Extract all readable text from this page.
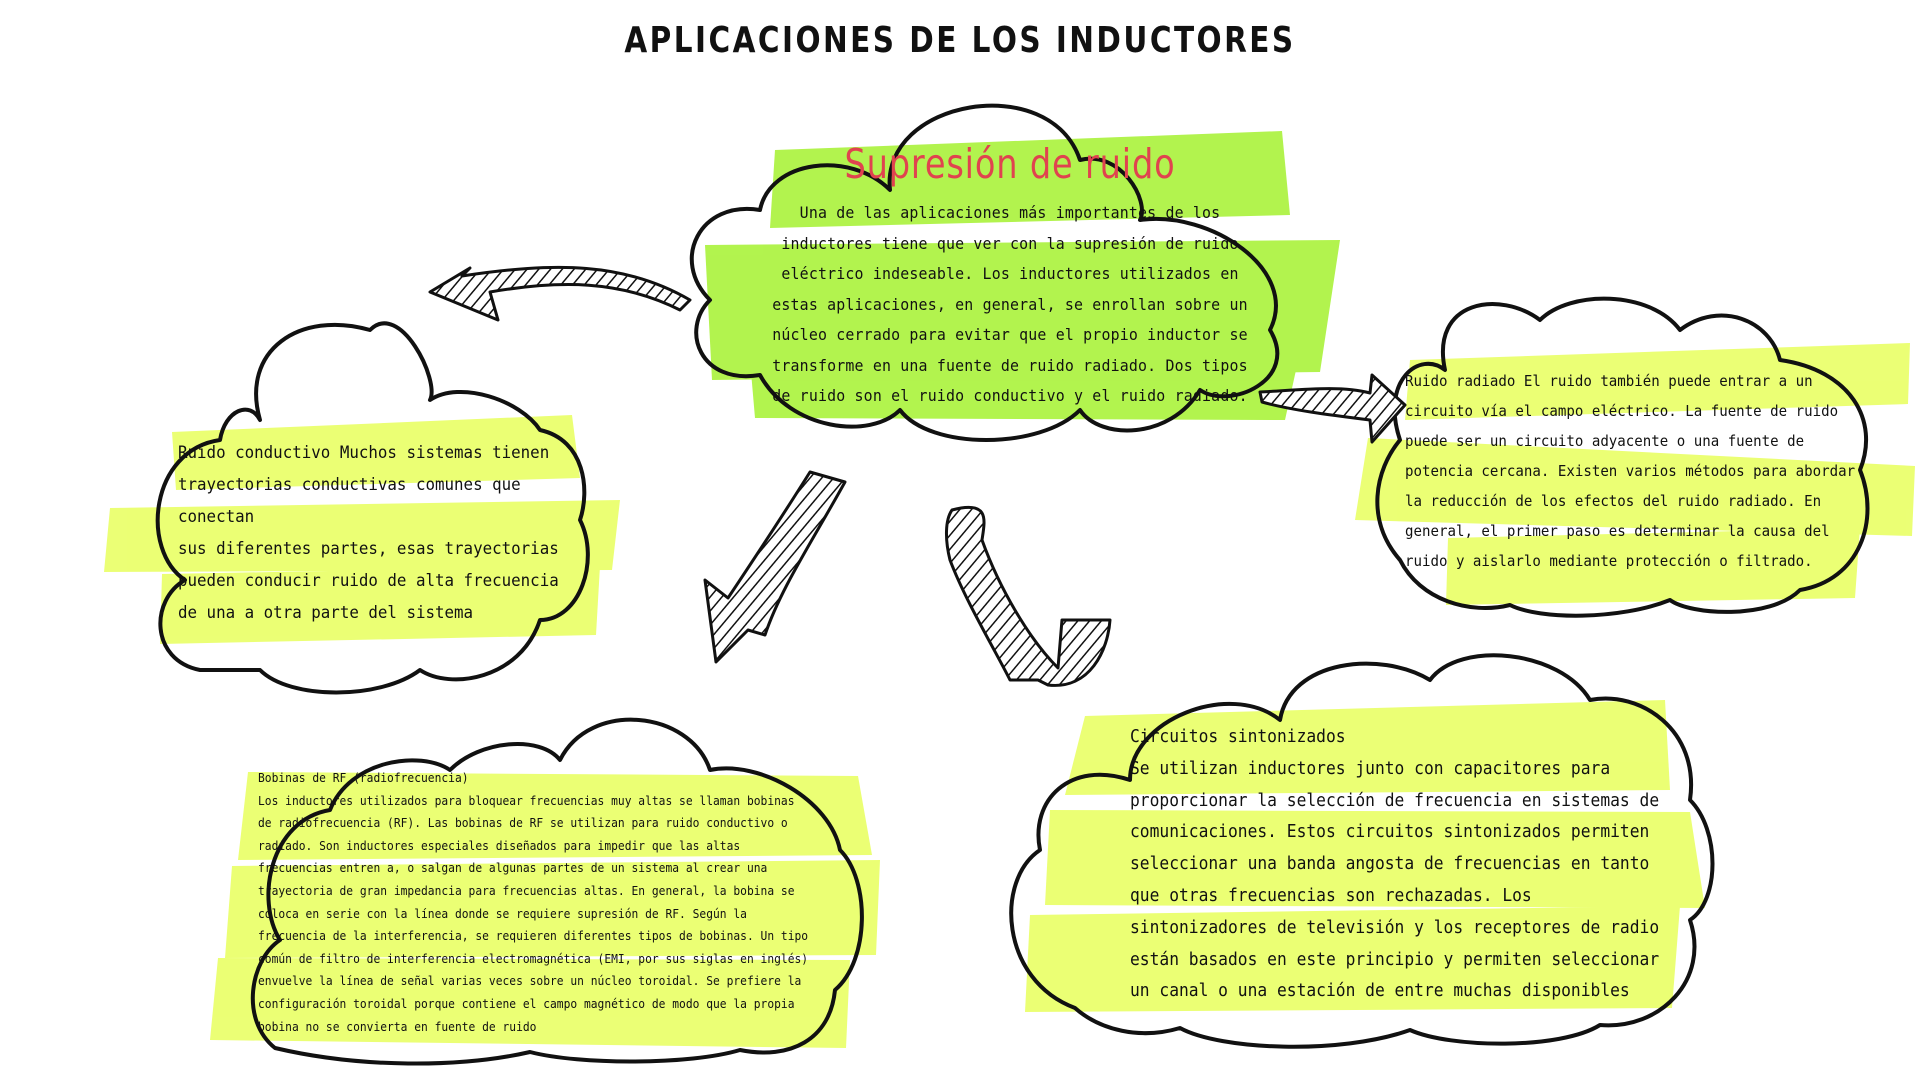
APLICACIONES DE LOS INDUCTORES
Supresión de ruido
Una de las aplicaciones más importantes de los inductores tiene que ver con la supresión de ruido eléctrico indeseable. Los inductores utilizados en estas aplicaciones, en general, se enrollan sobre un núcleo cerrado para evitar que el propio inductor se transforme en una fuente de ruido radiado. Dos tipos de ruido son el ruido conductivo y el ruido radiado.

Ruido conductivo Muchos sistemas tienen trayectorias conductivas comunes que conectan

sus diferentes partes, esas trayectorias pueden conducir ruido de alta frecuencia de una a otra parte del sistema

Ruido radiado El ruido también puede entrar a un circuito vía el campo eléctrico. La fuente de ruido puede ser un circuito adyacente o una fuente de potencia cercana. Existen varios métodos para abordar la reducción de los efectos del ruido radiado. En general, el primer paso es determinar la causa del ruido y aislarlo mediante protección o filtrado.

Circuitos sintonizados

Se utilizan inductores junto con capacitores para proporcionar la selección de frecuencia en sistemas de comunicaciones. Estos circuitos sintonizados permiten seleccionar una banda angosta de frecuencias en tanto que otras frecuencias son rechazadas. Los sintonizadores de televisión y los receptores de radio están basados en este principio y permiten seleccionar un canal o una estación de entre muchas disponibles

Bobinas de RF (radiofrecuencia)
Los inductores utilizados para bloquear frecuencias muy altas se llaman bobinas de radiofrecuencia (RF). Las bobinas de RF se utilizan para ruido conductivo o radiado. Son inductores especiales diseñados para impedir que las altas frecuencias entren a, o salgan de algunas partes de un sistema al crear una trayectoria de gran impedancia para frecuencias altas. En general, la bobina se coloca en serie con la línea donde se requiere supresión de RF. Según la frecuencia de la interferencia, se requieren diferentes tipos de bobinas. Un tipo común de filtro de interferencia electromagnética (EMI, por sus siglas en inglés) envuelve la línea de señal varias veces sobre un núcleo toroidal. Se prefiere la configuración toroidal porque contiene el campo magnético de modo que la propia bobina no se convierta en fuente de ruido
